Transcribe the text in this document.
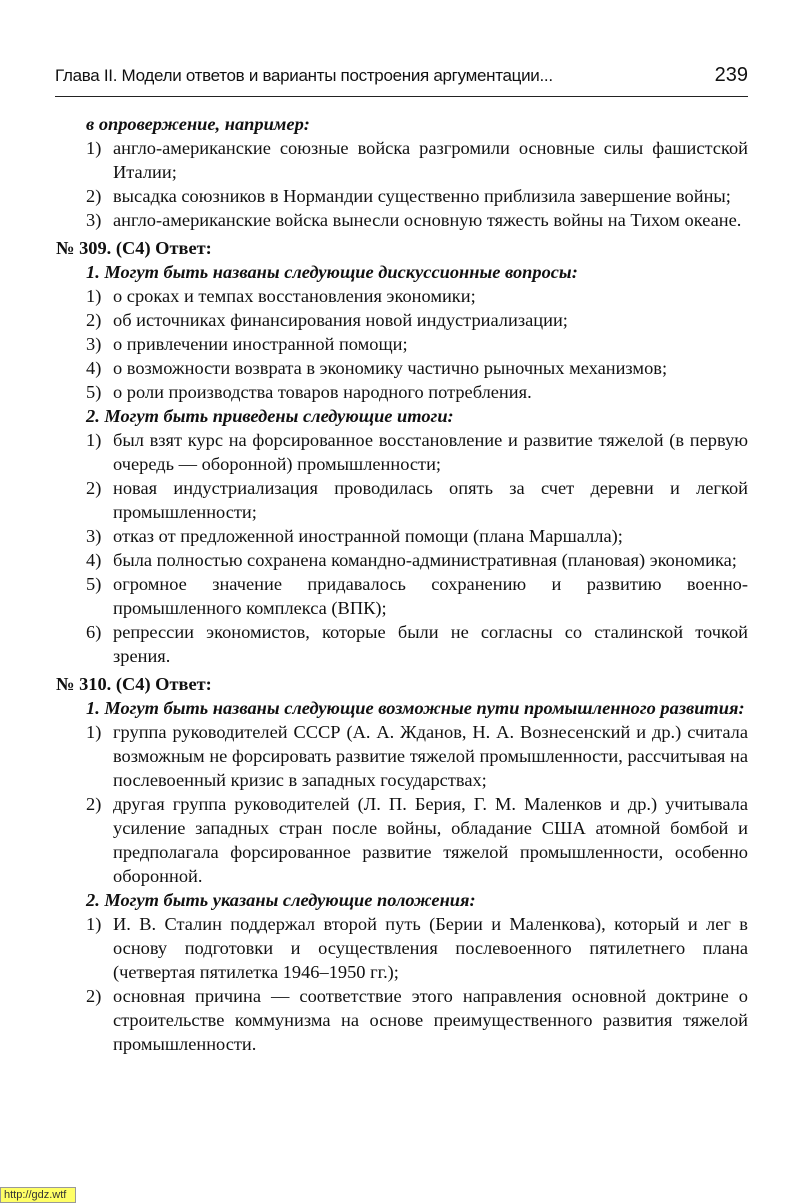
Глава II. Модели ответов и варианты построения аргументации...	239
в опровержение, например:
1) англо-американские союзные войска разгромили основные силы фашистской Италии;
2) высадка союзников в Нормандии существенно приблизила завершение войны;
3) англо-американские войска вынесли основную тяжесть войны на Тихом океане.
№ 309. (С4) Ответ:
1. Могут быть названы следующие дискуссионные вопросы:
1) о сроках и темпах восстановления экономики;
2) об источниках финансирования новой индустриализации;
3) о привлечении иностранной помощи;
4) о возможности возврата в экономику частично рыночных механизмов;
5) о роли производства товаров народного потребления.
2. Могут быть приведены следующие итоги:
1) был взят курс на форсированное восстановление и развитие тяжелой (в первую очередь — оборонной) промышленности;
2) новая индустриализация проводилась опять за счет деревни и легкой промышленности;
3) отказ от предложенной иностранной помощи (плана Маршалла);
4) была полностью сохранена командно-административная (плановая) экономика;
5) огромное значение придавалось сохранению и развитию военно-промышленного комплекса (ВПК);
6) репрессии экономистов, которые были не согласны со сталинской точкой зрения.
№ 310. (С4) Ответ:
1. Могут быть названы следующие возможные пути промышленного развития:
1) группа руководителей СССР (А. А. Жданов, Н. А. Вознесенский и др.) считала возможным не форсировать развитие тяжелой промышленности, рассчитывая на послевоенный кризис в западных государствах;
2) другая группа руководителей (Л. П. Берия, Г. М. Маленков и др.) учитывала усиление западных стран после войны, обладание США атомной бомбой и предполагала форсированное развитие тяжелой промышленности, особенно оборонной.
2. Могут быть указаны следующие положения:
1) И. В. Сталин поддержал второй путь (Берии и Маленкова), который и лег в основу подготовки и осуществления послевоенного пятилетнего плана (четвертая пятилетка 1946–1950 гг.);
2) основная причина — соответствие этого направления основной доктрине о строительстве коммунизма на основе преимущественного развития тяжелой промышленности.
http://gdz.wtf
